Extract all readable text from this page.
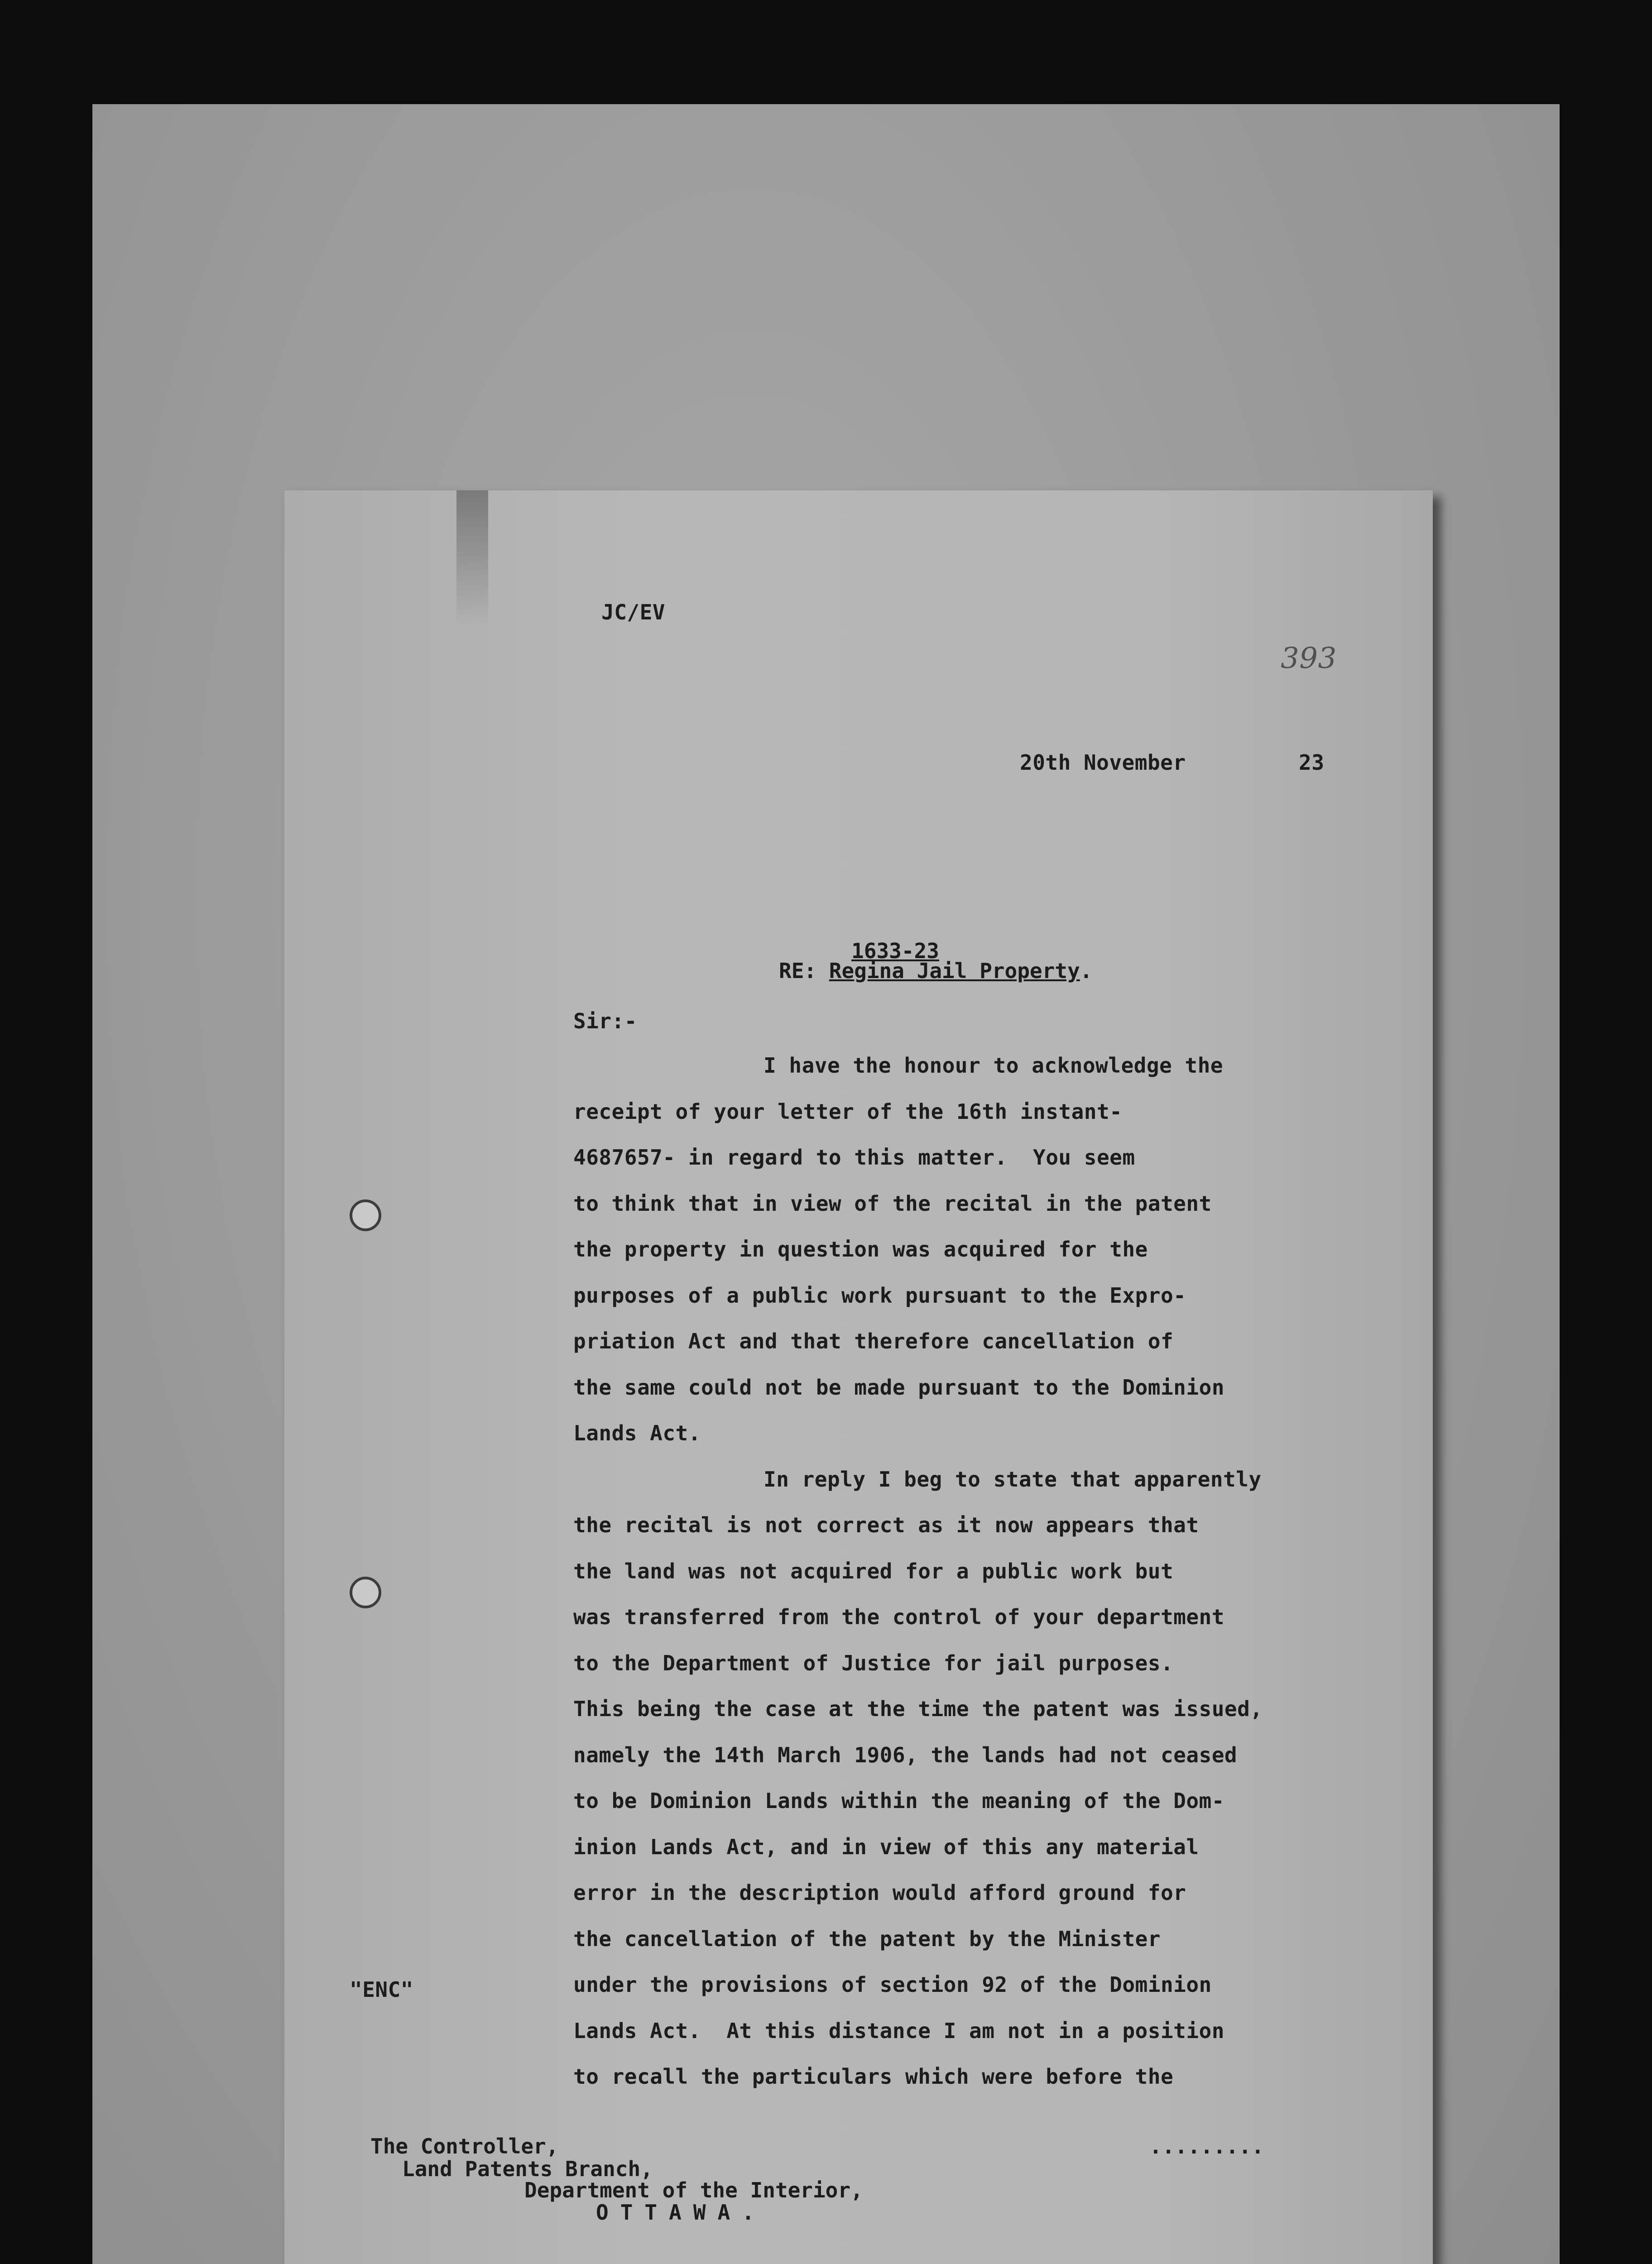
JC/EV
393
20th November	23
1633-23
RE: Regina Jail Property.
Sir:-
I have the honour to acknowledge the
receipt of your letter of the 16th instant-
4687657- in regard to this matter.  You seem
to think that in view of the recital in the patent
the property in question was acquired for the
purposes of a public work pursuant to the Expro-
priation Act and that therefore cancellation of
the same could not be made pursuant to the Dominion
Lands Act.
In reply I beg to state that apparently
the recital is not correct as it now appears that
the land was not acquired for a public work but
was transferred from the control of your department
to the Department of Justice for jail purposes.
This being the case at the time the patent was issued,
namely the 14th March 1906, the lands had not ceased
to be Dominion Lands within the meaning of the Dom-
inion Lands Act, and in view of this any material
error in the description would afford ground for
the cancellation of the patent by the Minister
under the provisions of section 92 of the Dominion
Lands Act.  At this distance I am not in a position
to recall the particulars which were before the
"ENC"
.........
The Controller,
Land Patents Branch,
Department of the Interior,
OTTAWA.
